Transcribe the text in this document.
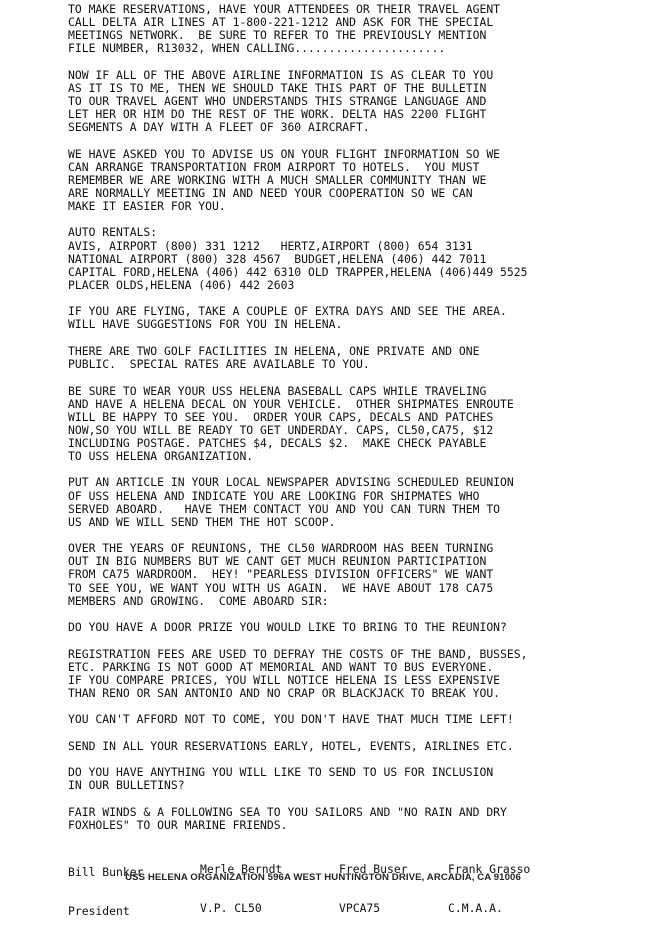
TO MAKE RESERVATIONS, HAVE YOUR ATTENDEES OR THEIR TRAVEL AGENT
CALL DELTA AIR LINES AT 1-800-221-1212 AND ASK FOR THE SPECIAL
MEETINGS NETWORK.  BE SURE TO REFER TO THE PREVIOUSLY MENTION
FILE NUMBER, R13032, WHEN CALLING......................
NOW IF ALL OF THE ABOVE AIRLINE INFORMATION IS AS CLEAR TO YOU
AS IT IS TO ME, THEN WE SHOULD TAKE THIS PART OF THE BULLETIN
TO OUR TRAVEL AGENT WHO UNDERSTANDS THIS STRANGE LANGUAGE AND
LET HER OR HIM DO THE REST OF THE WORK. DELTA HAS 2200 FLIGHT
SEGMENTS A DAY WITH A FLEET OF 360 AIRCRAFT.
WE HAVE ASKED YOU TO ADVISE US ON YOUR FLIGHT INFORMATION SO WE
CAN ARRANGE TRANSPORTATION FROM AIRPORT TO HOTELS.  YOU MUST
REMEMBER WE ARE WORKING WITH A MUCH SMALLER COMMUNITY THAN WE
ARE NORMALLY MEETING IN AND NEED YOUR COOPERATION SO WE CAN
MAKE IT EASIER FOR YOU.
AUTO RENTALS:
AVIS, AIRPORT (800) 331 1212   HERTZ,AIRPORT (800) 654 3131
NATIONAL AIRPORT (800) 328 4567  BUDGET,HELENA (406) 442 7011
CAPITAL FORD,HELENA (406) 442 6310 OLD TRAPPER,HELENA (406)449 5525
PLACER OLDS,HELENA (406) 442 2603
IF YOU ARE FLYING, TAKE A COUPLE OF EXTRA DAYS AND SEE THE AREA.
WILL HAVE SUGGESTIONS FOR YOU IN HELENA.
THERE ARE TWO GOLF FACILITIES IN HELENA, ONE PRIVATE AND ONE
PUBLIC.  SPECIAL RATES ARE AVAILABLE TO YOU.
BE SURE TO WEAR YOUR USS HELENA BASEBALL CAPS WHILE TRAVELING
AND HAVE A HELENA DECAL ON YOUR VEHICLE.  OTHER SHIPMATES ENROUTE
WILL BE HAPPY TO SEE YOU.  ORDER YOUR CAPS, DECALS AND PATCHES
NOW,SO YOU WILL BE READY TO GET UNDERDAY. CAPS, CL50,CA75, $12
INCLUDING POSTAGE. PATCHES $4, DECALS $2.  MAKE CHECK PAYABLE
TO USS HELENA ORGANIZATION.
PUT AN ARTICLE IN YOUR LOCAL NEWSPAPER ADVISING SCHEDULED REUNION
OF USS HELENA AND INDICATE YOU ARE LOOKING FOR SHIPMATES WHO
SERVED ABOARD.   HAVE THEM CONTACT YOU AND YOU CAN TURN THEM TO
US AND WE WILL SEND THEM THE HOT SCOOP.
OVER THE YEARS OF REUNIONS, THE CL50 WARDROOM HAS BEEN TURNING
OUT IN BIG NUMBERS BUT WE CANT GET MUCH REUNION PARTICIPATION
FROM CA75 WARDROOM.  HEY! "PEARLESS DIVISION OFFICERS" WE WANT
TO SEE YOU, WE WANT YOU WITH US AGAIN.  WE HAVE ABOUT 178 CA75
MEMBERS AND GROWING.  COME ABOARD SIR:
DO YOU HAVE A DOOR PRIZE YOU WOULD LIKE TO BRING TO THE REUNION?
REGISTRATION FEES ARE USED TO DEFRAY THE COSTS OF THE BAND, BUSSES,
ETC. PARKING IS NOT GOOD AT MEMORIAL AND WANT TO BUS EVERYONE.
IF YOU COMPARE PRICES, YOU WILL NOTICE HELENA IS LESS EXPENSIVE
THAN RENO OR SAN ANTONIO AND NO CRAP OR BLACKJACK TO BREAK YOU.
YOU CAN'T AFFORD NOT TO COME, YOU DON'T HAVE THAT MUCH TIME LEFT!
SEND IN ALL YOUR RESERVATIONS EARLY, HOTEL, EVENTS, AIRLINES ETC.
DO YOU HAVE ANYTHING YOU WILL LIKE TO SEND TO US FOR INCLUSION
IN OUR BULLETINS?
FAIR WINDS & A FOLLOWING SEA TO YOU SAILORS AND "NO RAIN AND DRY
FOXHOLES" TO OUR MARINE FRIENDS.

Bill Bunker

President

Merle Berndt

V.P. CL50

Fred Buser

VPCA75

Frank Grasso

C.M.A.A.

USS HELENA ORGANIZATION 596A WEST HUNTINGTON DRIVE, ARCADIA, CA 91006
